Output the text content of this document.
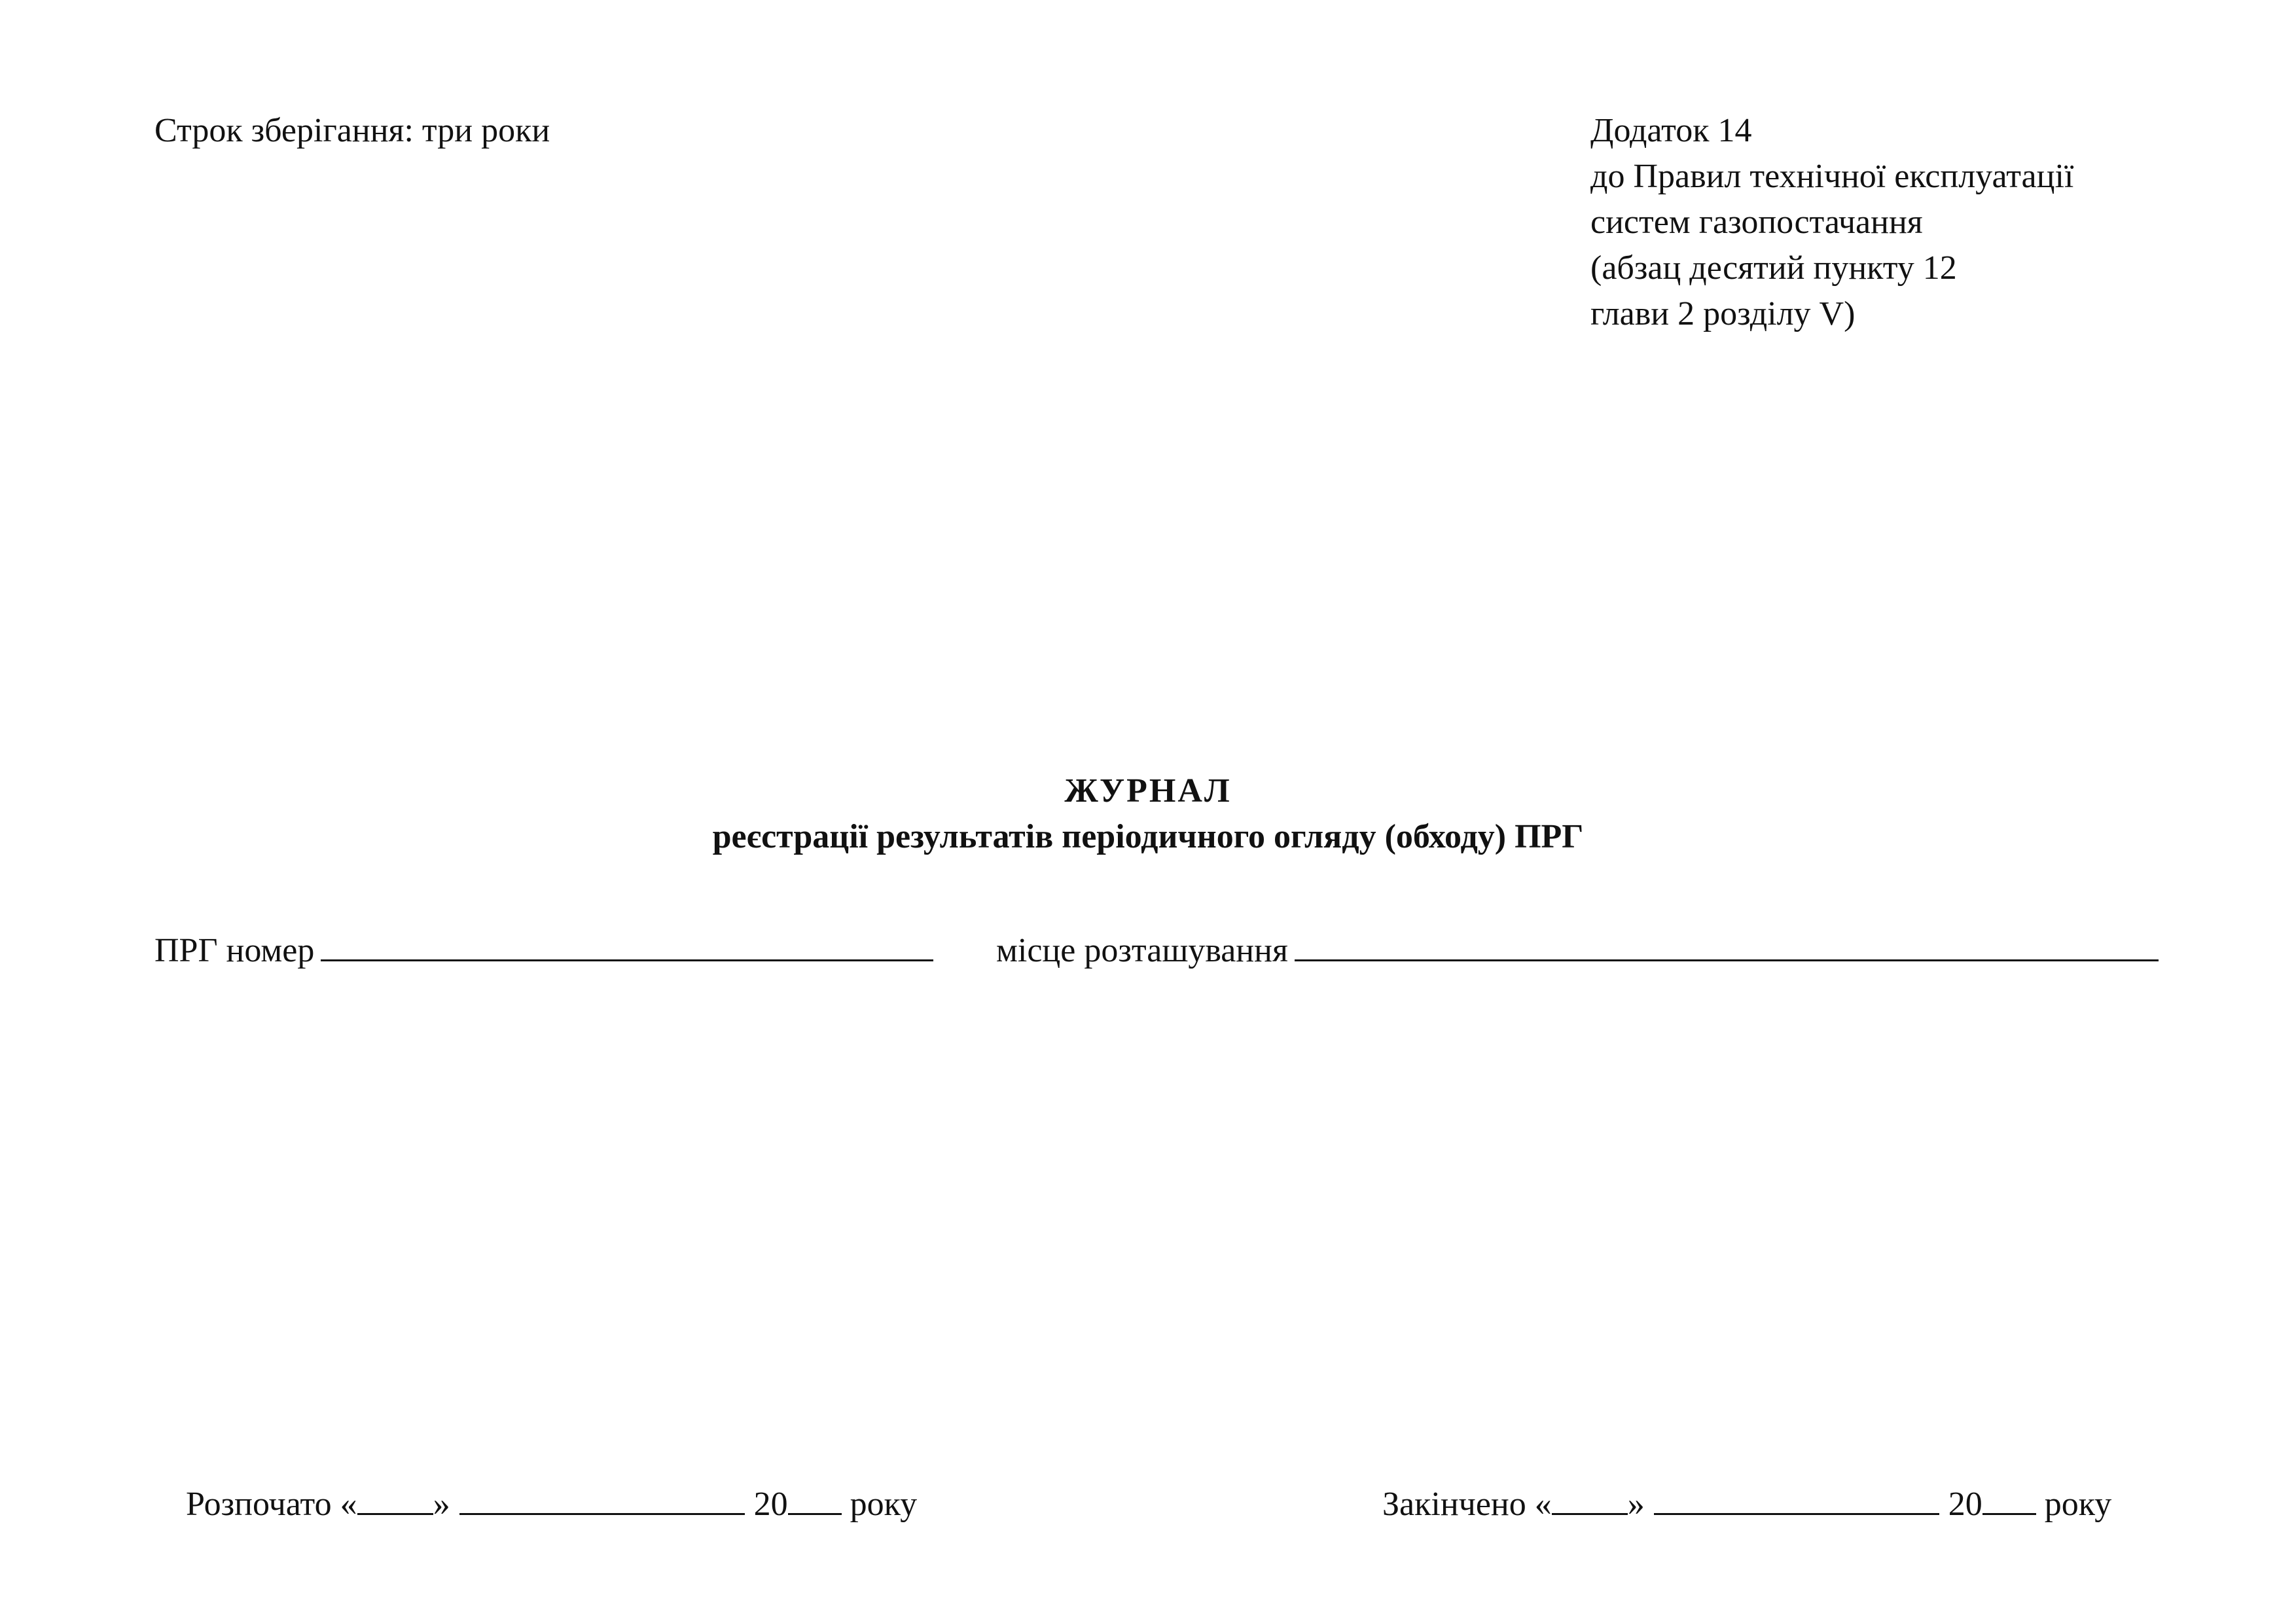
Строк зберігання: три роки	Додаток 14
до Правил технічної експлуатації
систем газопостачання
(абзац десятий пункту 12
глави 2 розділу V)
ЖУРНАЛ
реєстрації результатів періодичного огляду (обходу) ПРГ
ПРГ номер	місце розташування
Розпочато « »	20 року	Закінчено « »	20 року
